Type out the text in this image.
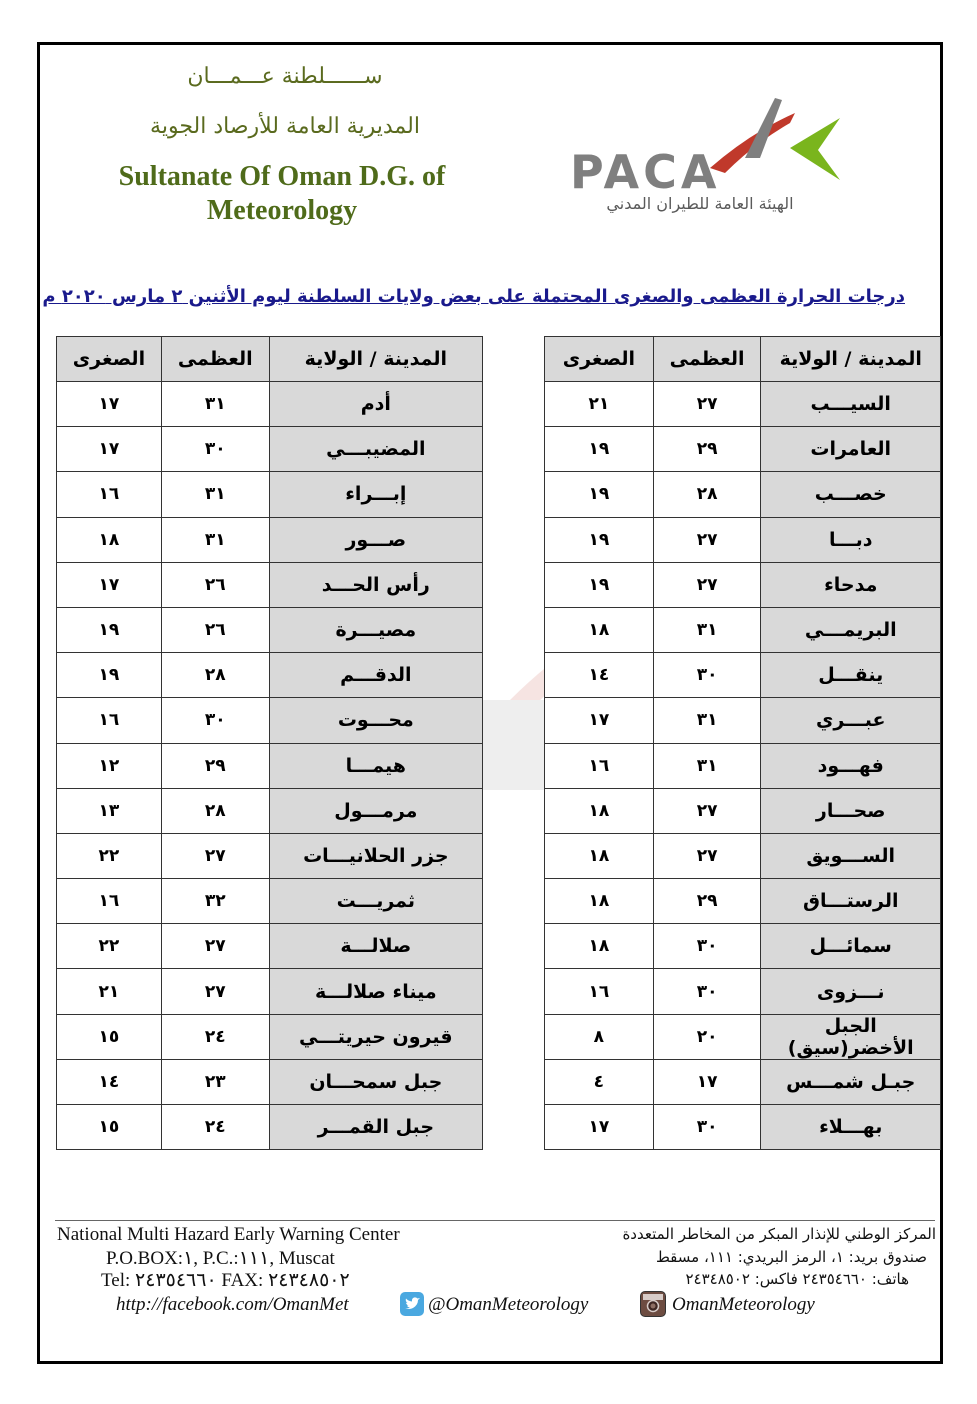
ســــــلطنة عـــمـــان
المديرية العامة للأرصاد الجوية
Sultanate Of Oman D.G. of
Meteorology
PACA
الهيئة العامة للطيران المدني
درجات الحرارة العظمى والصغرى المحتملة على بعض ولايات السلطنة ليوم الأثنين ٢ مارس ٢٠٢٠ م
المدينة / الولاية	العظمى	الصغرى
السيـــب	٢٧	٢١
العامرات	٢٩	١٩
خصـــب	٢٨	١٩
دبـــا	٢٧	١٩
مدحاء	٢٧	١٩
البريمـــي	٣١	١٨
ينقـــل	٣٠	١٤
عبـــري	٣١	١٧
فهـــود	٣١	١٦
صحـــار	٢٧	١٨
الســـويق	٢٧	١٨
الرستـــاق	٢٩	١٨
سمائـــل	٣٠	١٨
نـــزوى	٣٠	١٦
الجبل الأخضر(سيق)	٢٠	٨
جبـل شمـــس	١٧	٤
بهـــلاء	٣٠	١٧
المدينة / الولاية	العظمى	الصغرى
أدم	٣١	١٧
المضيبـــي	٣٠	١٧
إبـــراء	٣١	١٦
صـــور	٣١	١٨
رأس الحـــد	٢٦	١٧
مصيـــرة	٢٦	١٩
الدقـــم	٢٨	١٩
محـــوت	٣٠	١٦
هيمـــا	٢٩	١٢
مرمـــول	٢٨	١٣
جزر الحلانيـــات	٢٧	٢٢
ثمريـــت	٣٢	١٦
صلالـــة	٢٧	٢٢
ميناء صلالـــة	٢٧	٢١
قيرون حيريتـــي	٢٤	١٥
جبل سمحـــان	٢٣	١٤
جبل القمـــر	٢٤	١٥
National Multi Hazard Early Warning Center
P.O.BOX:١, P.C.:١١١, Muscat
Tel: ٢٤٣٥٤٦٦٠ FAX: ٢٤٣٤٨٥٠٢
المركز الوطني للإنذار المبكر من المخاطر المتعددة
صندوق بريد: ١، الرمز البريدي: ١١١، مسقط
هاتف: ٢٤٣٥٤٦٦٠ فاكس: ٢٤٣٤٨٥٠٢
http://facebook.com/OmanMet	@OmanMeteorology	OmanMeteorology
